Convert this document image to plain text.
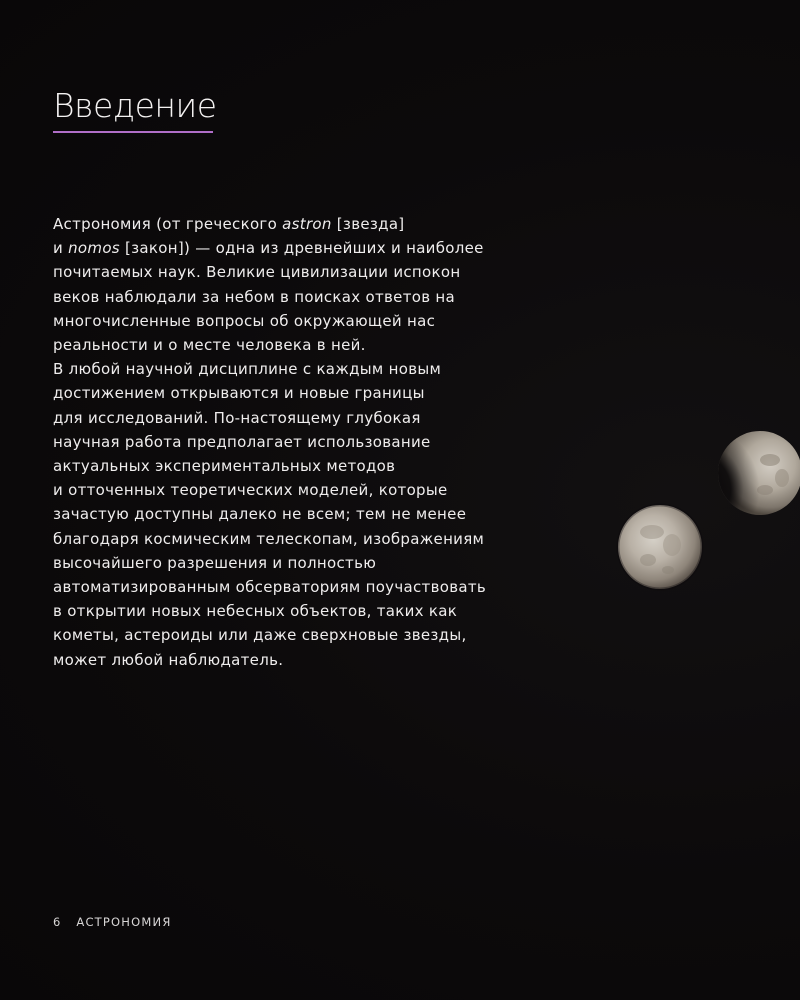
Введение

Астрономия (от греческого astron [звезда]
и nomos [закон]) — одна из древнейших и наиболее
почитаемых наук. Великие цивилизации испокон
веков наблюдали за небом в поисках ответов на
многочисленные вопросы об окружающей нас
реальности и о месте человека в ней.
В любой научной дисциплине с каждым новым
достижением открываются и новые границы
для исследований. По-настоящему глубокая
научная работа предполагает использование
актуальных экспериментальных методов
и отточенных теоретических моделей, которые
зачастую доступны далеко не всем; тем не менее
благодаря космическим телескопам, изображениям
высочайшего разрешения и полностью
автоматизированным обсерваториям поучаствовать
в открытии новых небесных объектов, таких как
кометы, астероиды или даже сверхновые звезды,
может любой наблюдатель.

6 АСТРОНОМИЯ
